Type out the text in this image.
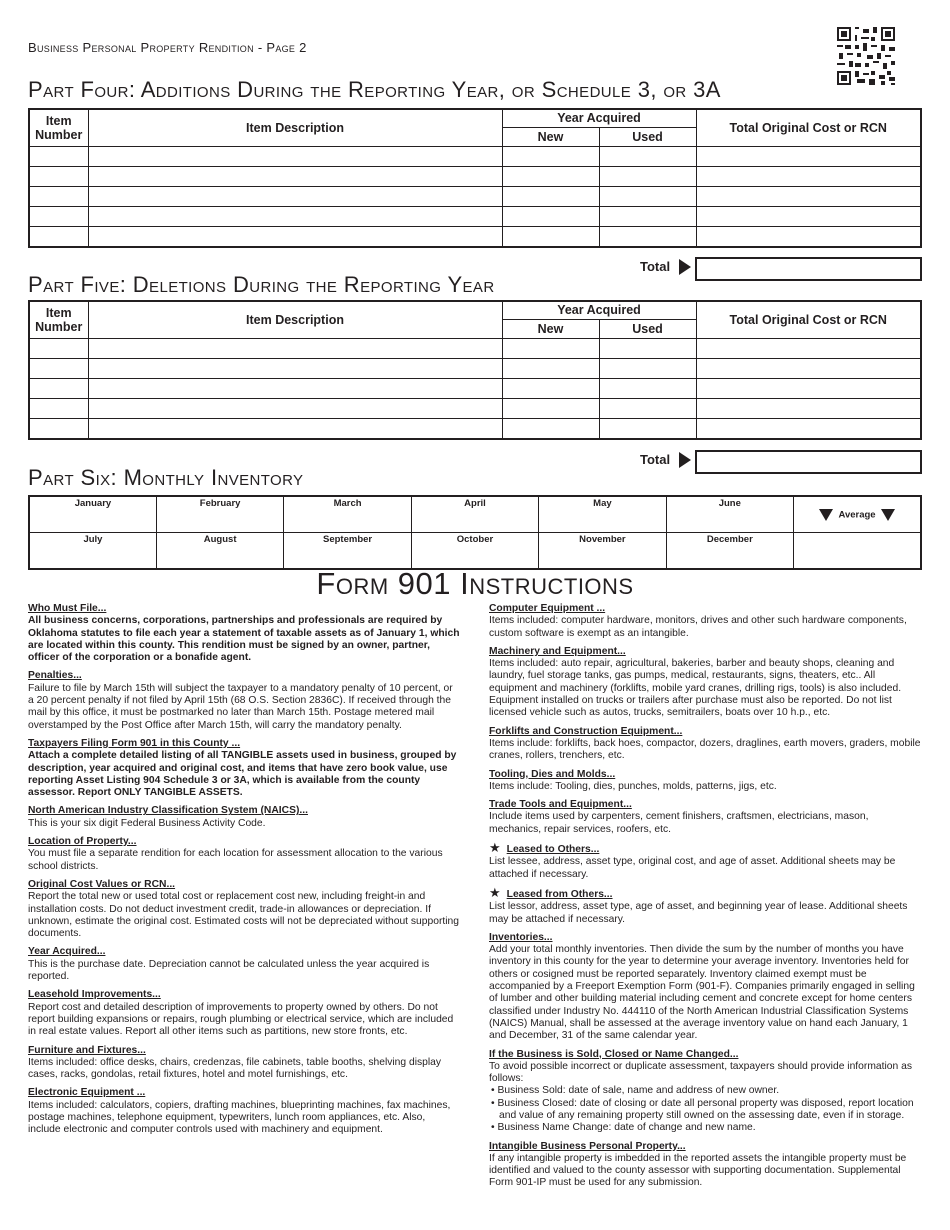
Business Personal Property Rendition - Page 2
Part Four: Additions During the Reporting Year, or Schedule 3, or 3A
Item Number	Item Description	Year Acquired		Total Original Cost or RCN
		New	Used	

Total
Part Five: Deletions During the Reporting Year
Item Number	Item Description	Year Acquired		Total Original Cost or RCN
		New	Used	

Total
Part Six: Monthly Inventory
January	February	March	April	May	June	Average
July	August	September	October	November	December	
Form 901 Instructions
Who Must File...
All business concerns, corporations, partnerships and professionals are required by Oklahoma statutes to file each year a statement of taxable assets as of January 1, which are located within this county. This rendition must be signed by an owner, partner, officer of the corporation or a bonafide agent.
Penalties...
Failure to file by March 15th will subject the taxpayer to a mandatory penalty of 10 percent, or a 20 percent penalty if not filed by April 15th (68 O.S. Section 2836C). If received through the mail by this office, it must be postmarked no later than March 15th. Postage metered mail overstamped by the Post Office after March 15th, will carry the mandatory penalty.
Taxpayers Filing Form 901 in this County ...
Attach a complete detailed listing of all TANGIBLE assets used in business, grouped by description, year acquired and original cost, and items that have zero book value, use reporting Asset Listing 904 Schedule 3 or 3A, which is available from the county assessor. Report ONLY TANGIBLE ASSETS.
North American Industry Classification System (NAICS)...
This is your six digit Federal Business Activity Code.
Location of Property...
You must file a separate rendition for each location for assessment allocation to the various school districts.
Original Cost Values or RCN...
Report the total new or used total cost or replacement cost new, including freight-in and installation costs. Do not deduct investment credit, trade-in allowances or depreciation. If unknown, estimate the original cost. Estimated costs will not be depreciated without supporting documents.
Year Acquired...
This is the purchase date. Depreciation cannot be calculated unless the year acquired is reported.
Leasehold Improvements...
Report cost and detailed description of improvements to property owned by others. Do not report building expansions or repairs, rough plumbing or electrical service, which are included in real estate values. Report all other items such as partitions, new store fronts, etc.
Furniture and Fixtures...
Items included: office desks, chairs, credenzas, file cabinets, table booths, shelving display cases, racks, gondolas, retail fixtures, hotel and motel furnishings, etc.
Electronic Equipment ...
Items included: calculators, copiers, drafting machines, blueprinting machines, fax machines, postage machines, telephone equipment, typewriters, lunch room appliances, etc. Also, include electronic and computer controls used with machinery and equipment.
Computer Equipment ...
Items included: computer hardware, monitors, drives and other such hardware components, custom software is exempt as an intangible.
Machinery and Equipment...
Items included: auto repair, agricultural, bakeries, barber and beauty shops, cleaning and laundry, fuel storage tanks, gas pumps, medical, restaurants, signs, theaters, etc.. All equipment and machinery (forklifts, mobile yard cranes, drilling rigs, tools) is also included. Equipment installed on trucks or trailers after purchase must also be reported. Do not list licensed vehicle such as autos, trucks, semitrailers, boats over 10 h.p., etc.
Forklifts and Construction Equipment...
Items include: forklifts, back hoes, compactor, dozers, draglines, earth movers, graders, mobile cranes, rollers, trenchers, etc.
Tooling, Dies and Molds...
Items include: Tooling, dies, punches, molds, patterns, jigs, etc.
Trade Tools and Equipment...
Include items used by carpenters, cement finishers, craftsmen, electricians, mason, mechanics, repair services, roofers, etc.
★ Leased to Others...
List lessee, address, asset type, original cost, and age of asset. Additional sheets may be attached if necessary.
★ Leased from Others...
List lessor, address, asset type, age of asset, and beginning year of lease. Additional sheets may be attached if necessary.
Inventories...
Add your total monthly inventories. Then divide the sum by the number of months you have inventory in this county for the year to determine your average inventory. Inventories held for others or cosigned must be reported separately. Inventory claimed exempt must be accompanied by a Freeport Exemption Form (901-F). Companies primarily engaged in selling of lumber and other building material including cement and concrete except for home centers classified under Industry No. 444110 of the North American Industrial Classification Systems (NAICS) Manual, shall be assessed at the average inventory value on hand each January, 1 and December, 31 of the same calendar year.
If the Business is Sold, Closed or Name Changed...
To avoid possible incorrect or duplicate assessment, taxpayers should provide information as follows:
• Business Sold: date of sale, name and address of new owner.
• Business Closed: date of closing or date all personal property was disposed, report location and value of any remaining property still owned on the assessing date, even if in storage.
• Business Name Change: date of change and new name.
Intangible Business Personal Property...
If any intangible property is imbedded in the reported assets the intangible property must be identified and valued to the county assessor with supporting documentation. Supplemental Form 901-IP must be used for any submission.
